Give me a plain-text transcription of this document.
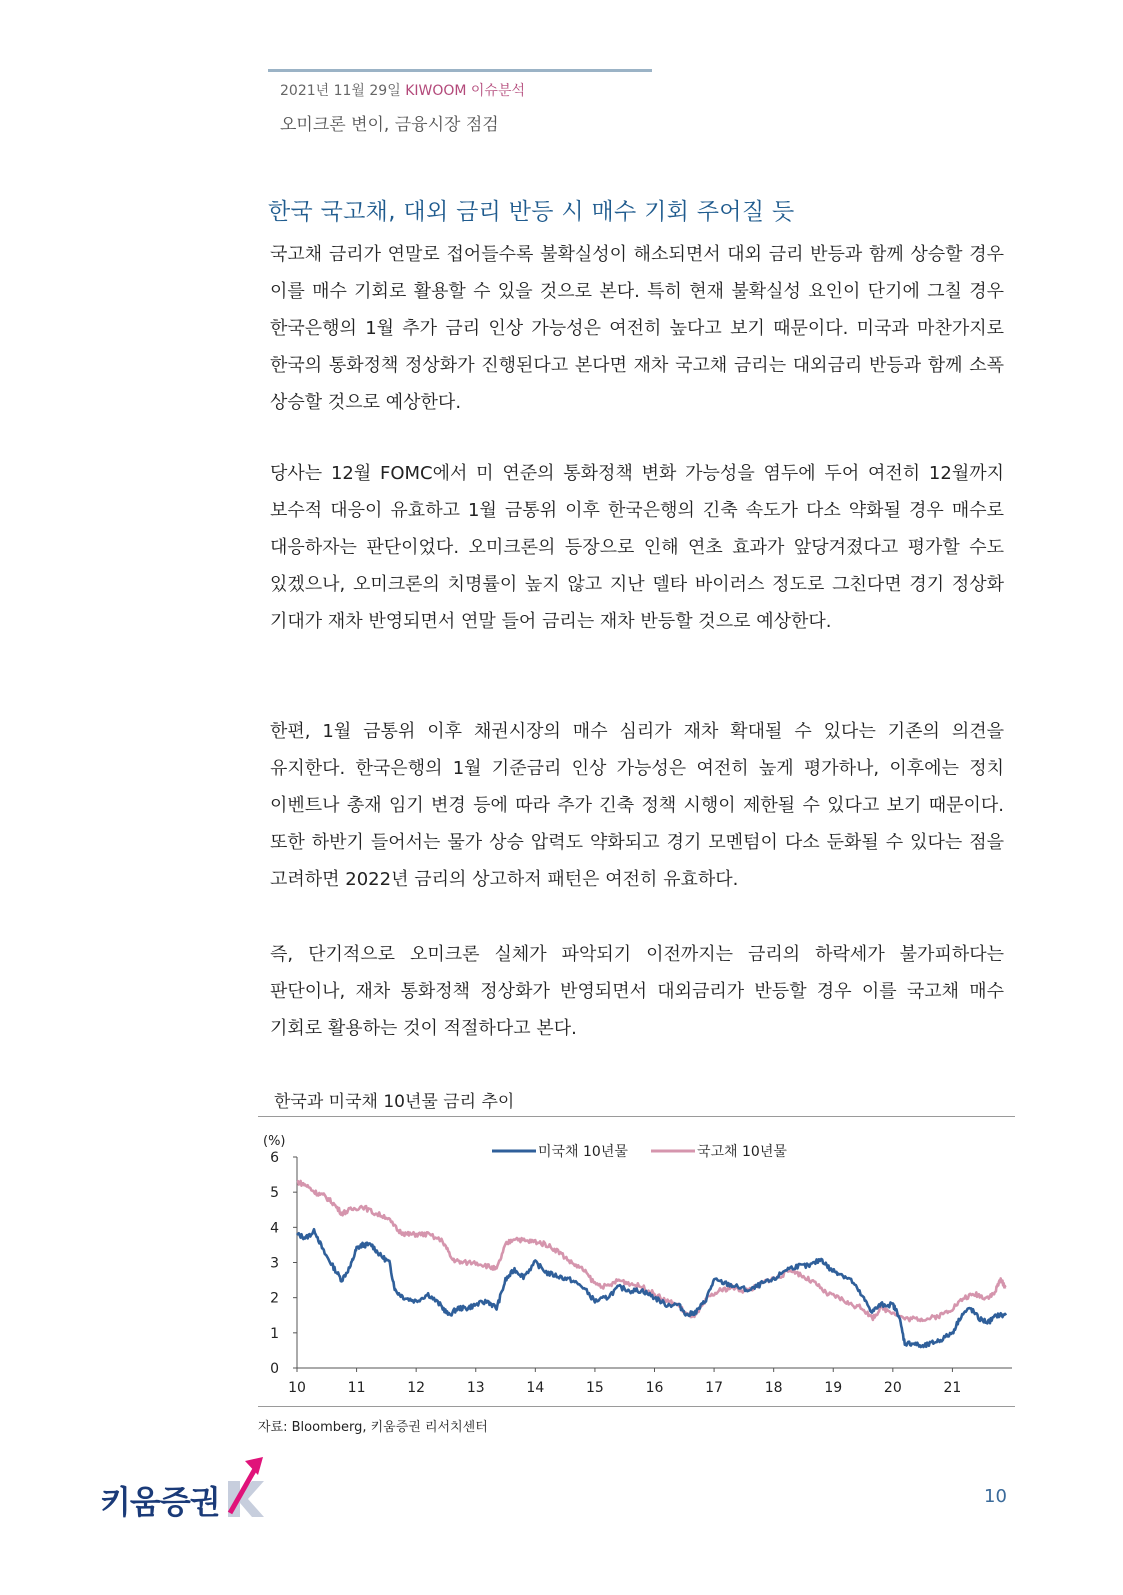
2021년 11월 29일 KIWOOM 이슈분석
오미크론 변이, 금융시장 점검
한국 국고채, 대외 금리 반등 시 매수 기회 주어질 듯

국고채 금리가 연말로 접어들수록 불확실성이 해소되면서 대외 금리 반등과 함께 상승할 경우 이를 매수 기회로 활용할 수 있을 것으로 본다. 특히 현재 불확실성 요인이 단기에 그칠 경우 한국은행의 1월 추가 금리 인상 가능성은 여전히 높다고 보기 때문이다. 미국과 마찬가지로 한국의 통화정책 정상화가 진행된다고 본다면 재차 국고채 금리는 대외금리 반등과 함께 소폭 상승할 것으로 예상한다.

당사는 12월 FOMC에서 미 연준의 통화정책 변화 가능성을 염두에 두어 여전히 12월까지 보수적 대응이 유효하고 1월 금통위 이후 한국은행의 긴축 속도가 다소 약화될 경우 매수로 대응하자는 판단이었다. 오미크론의 등장으로 인해 연초 효과가 앞당겨졌다고 평가할 수도 있겠으나, 오미크론의 치명률이 높지 않고 지난 델타 바이러스 정도로 그친다면 경기 정상화 기대가 재차 반영되면서 연말 들어 금리는 재차 반등할 것으로 예상한다.

한편, 1월 금통위 이후 채권시장의 매수 심리가 재차 확대될 수 있다는 기존의 의견을 유지한다. 한국은행의 1월 기준금리 인상 가능성은 여전히 높게 평가하나, 이후에는 정치 이벤트나 총재 임기 변경 등에 따라 추가 긴축 정책 시행이 제한될 수 있다고 보기 때문이다. 또한 하반기 들어서는 물가 상승 압력도 약화되고 경기 모멘텀이 다소 둔화될 수 있다는 점을 고려하면 2022년 금리의 상고하저 패턴은 여전히 유효하다.

즉, 단기적으로 오미크론 실체가 파악되기 이전까지는 금리의 하락세가 불가피하다는 판단이나, 재차 통화정책 정상화가 반영되면서 대외금리가 반등할 경우 이를 국고채 매수 기회로 활용하는 것이 적절하다고 본다.

한국과 미국채 10년물 금리 추이
0
1
2
3
4
5
6
(%)
10	11	12	13	14	15	16	17	18	19	20	21
미국채 10년물	국고채 10년물
자료: Bloomberg, 키움증권 리서치센터
키움증권	10
